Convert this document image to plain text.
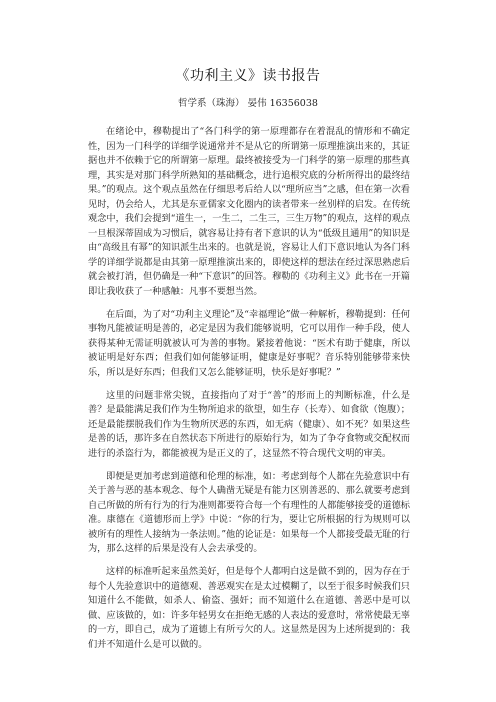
《功利主义》读书报告
哲学系（珠海） 晏伟 16356038

在绪论中，穆勒提出了“各门科学的第一原理都存在着混乱的情形和不确定性，因为一门科学的详细学说通常并不是从它的所谓第一原理推演出来的，其证据也并不依赖于它的所谓第一原理。最终被接受为一门科学的第一原理的那些真理，其实是对那门科学所熟知的基础概念，进行追根究底的分析所得出的最终结果。”的观点。这个观点虽然在仔细思考后给人以“理所应当”之感，但在第一次看见时，仍会给人，尤其是东亚儒家文化圈内的读者带来一丝别样的启发。在传统观念中，我们会提到“道生一，一生二，二生三，三生万物”的观点，这样的观点一旦根深蒂固成为习惯后，就容易让持有者下意识的认为“低级且通用”的知识是由“高级且有幂”的知识派生出来的。也就是说，容易让人们下意识地认为各门科学的详细学说都是由其第一原理推演出来的，即使这样的想法在经过深思熟虑后就会被打消，但仍确是一种“下意识”的回答。穆勒的《功利主义》此书在一开篇即让我收获了一种感触：凡事不要想当然。

在后面，为了对“功利主义理论”及“幸福理论”做一种解析，穆勒提到：任何事物凡能被证明是善的，必定是因为我们能够说明，它可以用作一种手段，使人获得某种无需证明就被认可为善的事物。紧接着他说：“医术有助于健康，所以被证明是好东西；但我们如何能够证明，健康是好事呢？音乐特别能够带来快乐，所以是好东西；但我们又怎么能够证明，快乐是好事呢？”

这里的问题非常尖锐，直接指向了对于“善”的形而上的判断标准，什么是善？是最能满足我们作为生物所追求的欲望，如生存（长寿）、如食欲（饱腹）；还是最能摆脱我们作为生物所厌恶的东西，如无病（健康）、如不死？如果这些是善的话，那许多在自然状态下所进行的原始行为，如为了争夺食物或交配权而进行的杀盗行为，都能被视为是正义的了，这显然不符合现代文明的审美。

即便是更加考虑到道德和伦理的标准，如：考虑到每个人都在先验意识中有关于善与恶的基本观念、每个人确凿无疑是有能力区别善恶的、那么就要考虑到自己所做的所有行为的行为准则都要符合每一个有理性的人都能够接受的道德标准。康德在《道德形而上学》中说：“你的行为，要让它所根据的行为规则可以被所有的理性人接纳为一条法则。”他的论证是：如果每一个人都接受最无耻的行为，那么这样的后果是没有人会去承受的。

这样的标准听起来虽然美好，但是每个人都明白这是做不到的，因为存在于每个人先验意识中的道德观、善恶观实在是太过模糊了，以至于很多时候我们只知道什么不能做，如杀人、偷盗、强奸；而不知道什么在道德、善恶中是可以做、应该做的，如：许多年轻男女在拒绝无感的人表达的爱意时，常常使最无辜的一方，即自己，成为了道德上有所亏欠的人。这显然是因为上述所提到的：我们并不知道什么是可以做的。
